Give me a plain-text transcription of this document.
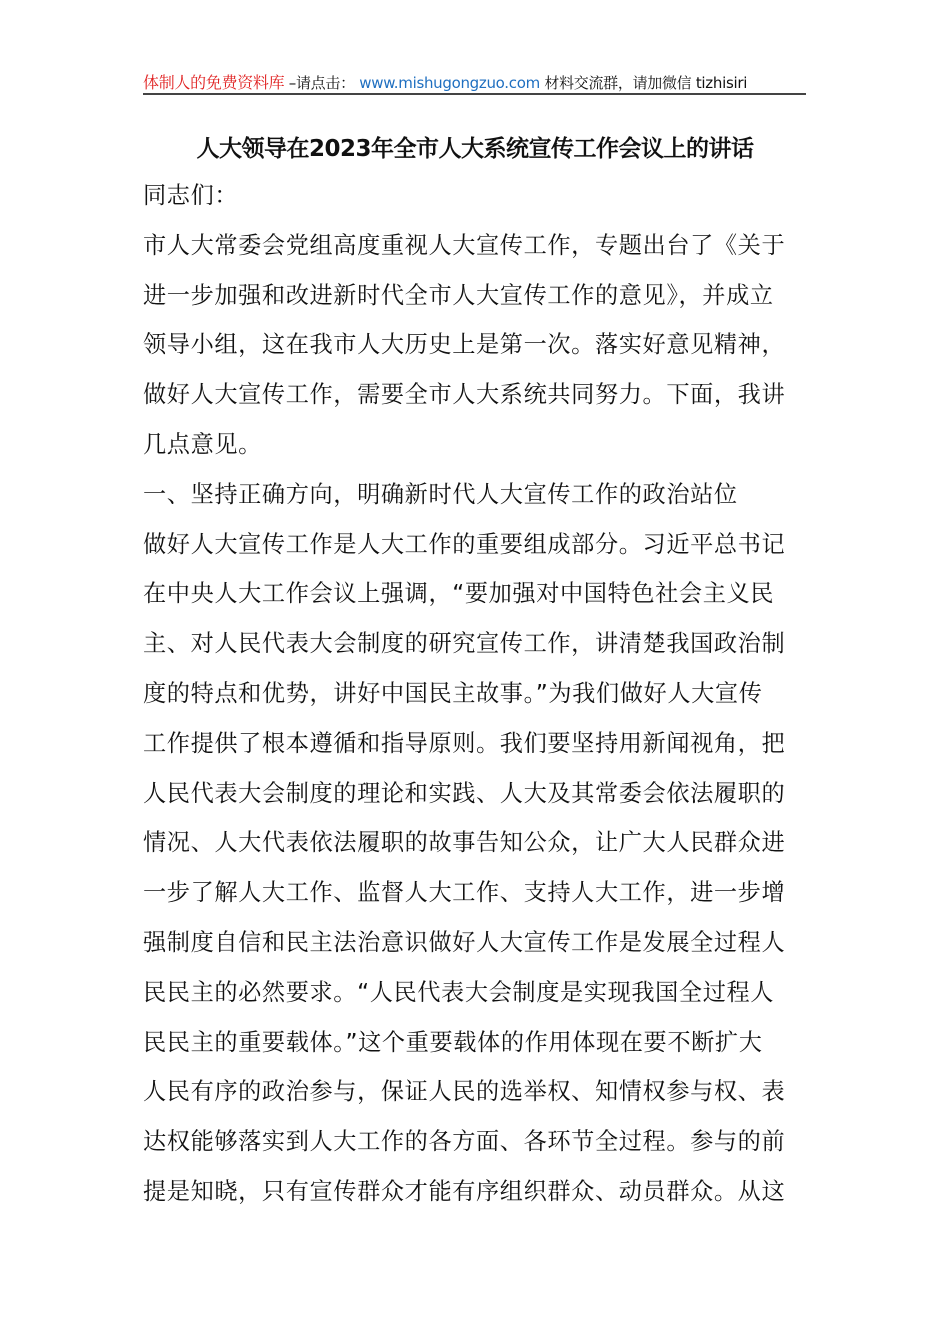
体制人的免费资料库 –请点击： www.mishugongzuo.com 材料交流群，请加微信 tizhisiri
人大领导在2023年全市人大系统宣传工作会议上的讲话
同志们：
市人大常委会党组高度重视人大宣传工作，专题出台了《关于
进一步加强和改进新时代全市人大宣传工作的意见》，并成立
领导小组，这在我市人大历史上是第一次。落实好意见精神，
做好人大宣传工作，需要全市人大系统共同努力。下面，我讲
几点意见。
一、坚持正确方向，明确新时代人大宣传工作的政治站位
做好人大宣传工作是人大工作的重要组成部分。习近平总书记
在中央人大工作会议上强调，“要加强对中国特色社会主义民
主、对人民代表大会制度的研究宣传工作，讲清楚我国政治制
度的特点和优势，讲好中国民主故事。”为我们做好人大宣传
工作提供了根本遵循和指导原则。我们要坚持用新闻视角，把
人民代表大会制度的理论和实践、人大及其常委会依法履职的
情况、人大代表依法履职的故事告知公众，让广大人民群众进
一步了解人大工作、监督人大工作、支持人大工作，进一步增
强制度自信和民主法治意识做好人大宣传工作是发展全过程人
民民主的必然要求。“人民代表大会制度是实现我国全过程人
民民主的重要载体。”这个重要载体的作用体现在要不断扩大
人民有序的政治参与，保证人民的选举权、知情权参与权、表
达权能够落实到人大工作的各方面、各环节全过程。参与的前
提是知晓，只有宣传群众才能有序组织群众、动员群众。从这
